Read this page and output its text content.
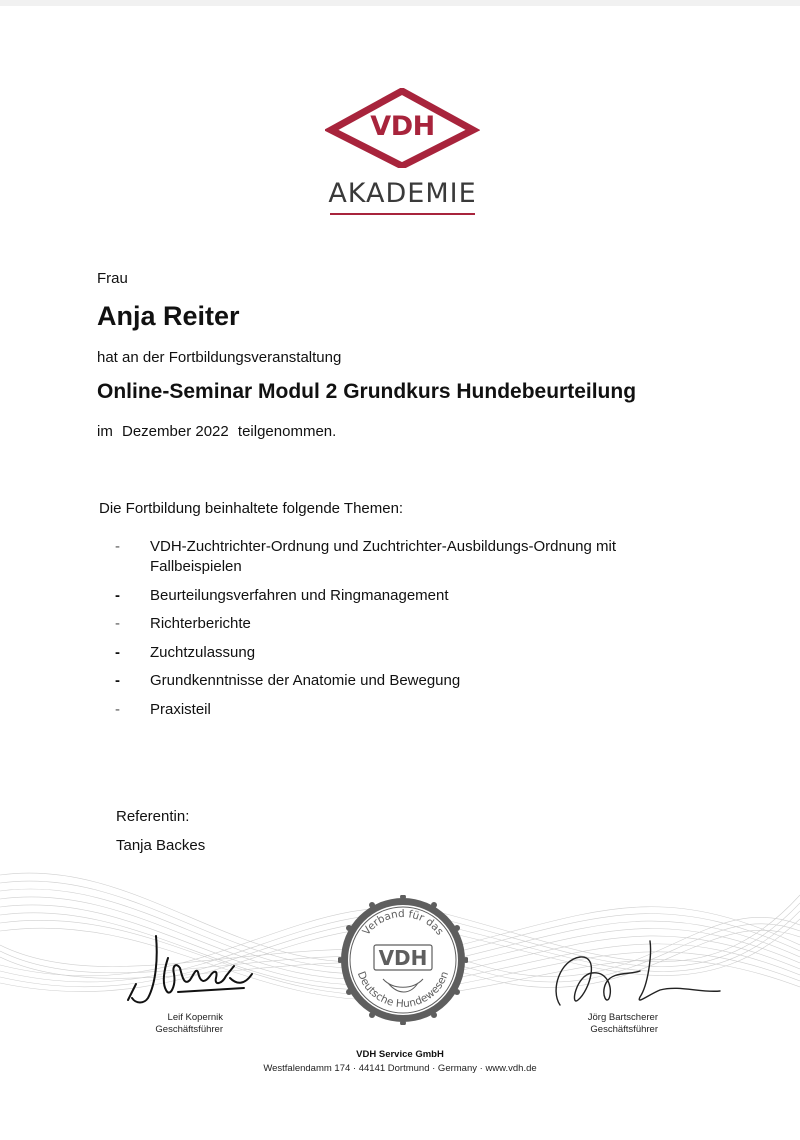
VDH
AKADEMIE
Frau
Anja Reiter
hat an der Fortbildungsveranstaltung
Online-Seminar Modul 2 Grundkurs Hundebeurteilung
im Dezember 2022 teilgenommen.
Die Fortbildung beinhaltete folgende Themen:
-	VDH-Zuchtrichter-Ordnung und Zuchtrichter-Ausbildungs-Ordnung mit Fallbeispielen
-	Beurteilungsverfahren und Ringmanagement
-	Richterberichte
-	Zuchtzulassung
-	Grundkenntnisse der Anatomie und Bewegung
-	Praxisteil
Referentin:
Tanja Backes
Verband für das
Deutsche Hundewesen
VDH
Leif Kopernik
Geschäftsführer
Jörg Bartscherer
Geschäftsführer
VDH Service GmbH
Westfalendamm 174 · 44141 Dortmund · Germany · www.vdh.de
